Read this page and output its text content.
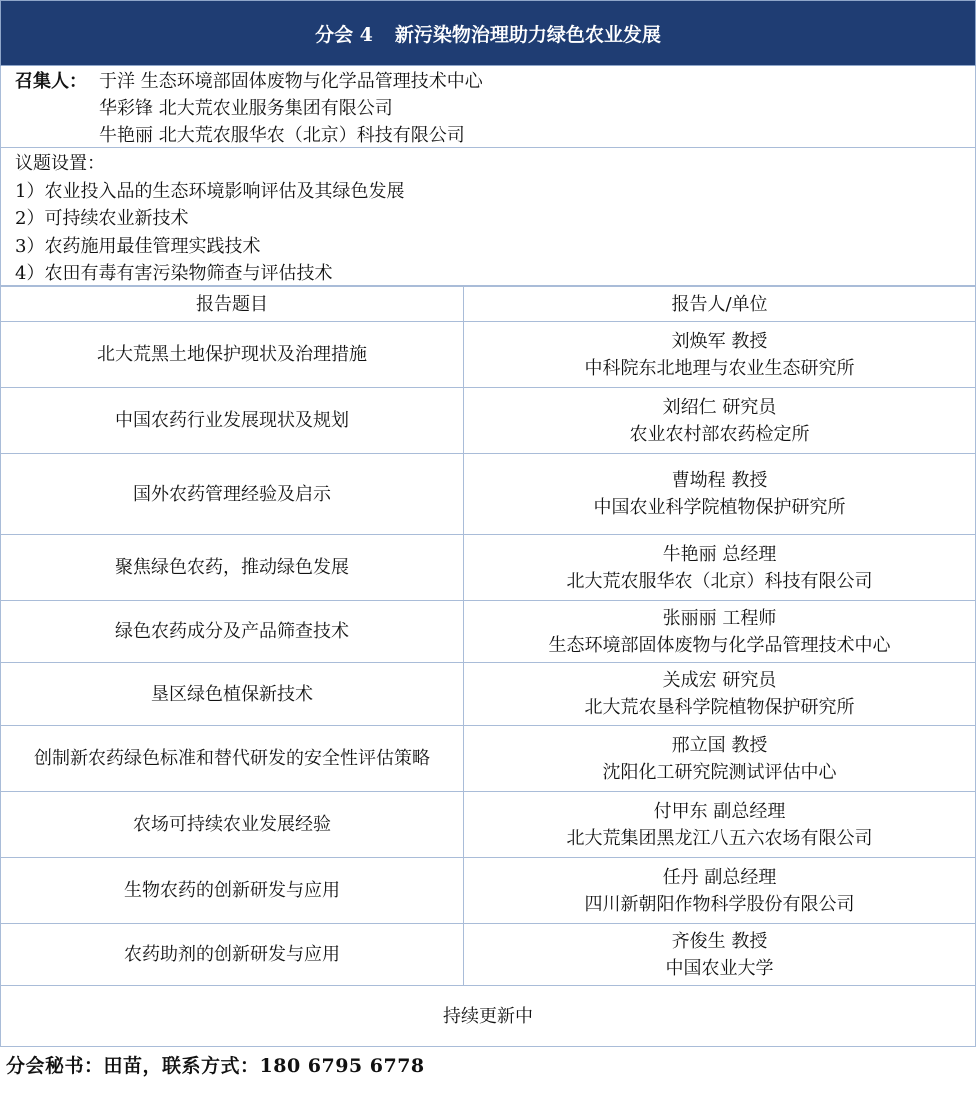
分会 4 新污染物治理助力绿色农业发展
召集人： 于洋 生态环境部固体废物与化学品管理技术中心
华彩锋 北大荒农业服务集团有限公司
牛艳丽 北大荒农服华农（北京）科技有限公司
议题设置：
1）农业投入品的生态环境影响评估及其绿色发展
2）可持续农业新技术
3）农药施用最佳管理实践技术
4）农田有毒有害污染物筛查与评估技术
报告题目	报告人/单位
北大荒黑土地保护现状及治理措施	刘焕军 教授
中科院东北地理与农业生态研究所

中国农药行业发展现状及规划	刘绍仁 研究员
农业农村部农药检定所

国外农药管理经验及启示	曹坳程 教授
中国农业科学院植物保护研究所

聚焦绿色农药，推动绿色发展	牛艳丽 总经理
北大荒农服华农（北京）科技有限公司

绿色农药成分及产品筛查技术	张丽丽 工程师
生态环境部固体废物与化学品管理技术中心

垦区绿色植保新技术	关成宏 研究员
北大荒农垦科学院植物保护研究所

创制新农药绿色标准和替代研发的安全性评估策略	邢立国 教授
沈阳化工研究院测试评估中心

农场可持续农业发展经验	付甲东 副总经理
北大荒集团黑龙江八五六农场有限公司

生物农药的创新研发与应用	任丹 副总经理
四川新朝阳作物科学股份有限公司

农药助剂的创新研发与应用	齐俊生 教授
中国农业大学

持续更新中	
分会秘书：田苗，联系方式：180 6795 6778
